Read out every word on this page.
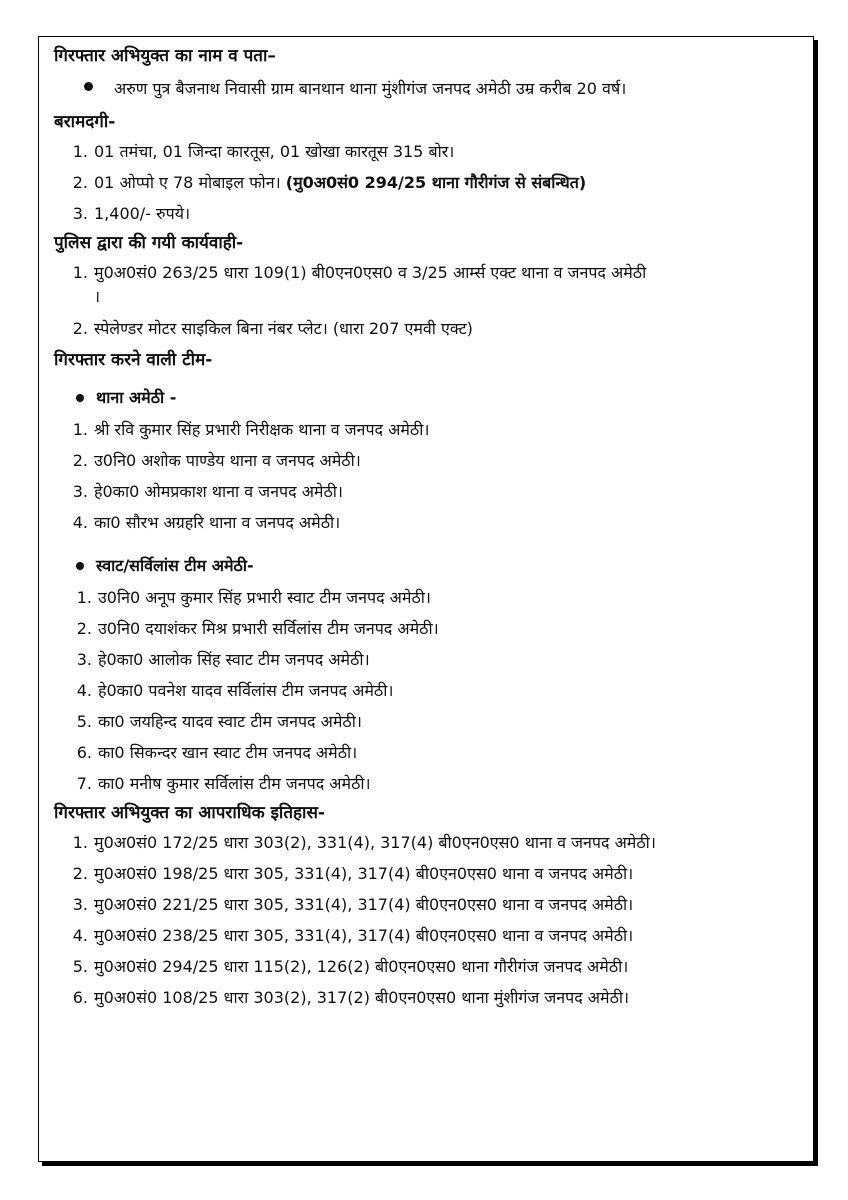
गिरफ्तार अभियुक्त का नाम व पता–
अरुण पुत्र बैजनाथ निवासी ग्राम बानथान थाना मुंशीगंज जनपद अमेठी उम्र करीब 20 वर्ष।
बरामदगी-
1. 01 तमंचा, 01 जिन्दा कारतूस, 01 खोखा कारतूस 315 बोर।
2. 01 ओप्पो ए 78 मोबाइल फोन। (मु0अ0सं0 294/25 थाना गौरीगंज से संबन्धित)
3. 1,400/- रुपये।
पुलिस द्वारा की गयी कार्यवाही-
1. मु0अ0सं0 263/25 धारा 109(1) बी0एन0एस0 व 3/25 आर्म्स एक्ट थाना व जनपद अमेठी
।
2. स्पेलेण्डर मोटर साइकिल बिना नंबर प्लेट। (धारा 207 एमवी एक्ट)
गिरफ्तार करने वाली टीम-
थाना अमेठी -
1. श्री रवि कुमार सिंह प्रभारी निरीक्षक थाना व जनपद अमेठी।
2. उ0नि0 अशोक पाण्डेय थाना व जनपद अमेठी।
3. हे0का0 ओमप्रकाश थाना व जनपद अमेठी।
4. का0 सौरभ अग्रहरि थाना व जनपद अमेठी।
स्वाट/सर्विलांस टीम अमेठी-
1. उ0नि0 अनूप कुमार सिंह प्रभारी स्वाट टीम जनपद अमेठी।
2. उ0नि0 दयाशंकर मिश्र प्रभारी सर्विलांस टीम जनपद अमेठी।
3. हे0का0 आलोक सिंह स्वाट टीम जनपद अमेठी।
4. हे0का0 पवनेश यादव सर्विलांस टीम जनपद अमेठी।
5. का0 जयहिन्द यादव स्वाट टीम जनपद अमेठी।
6. का0 सिकन्दर खान स्वाट टीम जनपद अमेठी।
7. का0 मनीष कुमार सर्विलांस टीम जनपद अमेठी।
गिरफ्तार अभियुक्त का आपराधिक इतिहास-
1. मु0अ0सं0 172/25 धारा 303(2), 331(4), 317(4) बी0एन0एस0 थाना व जनपद अमेठी।
2. मु0अ0सं0 198/25 धारा 305, 331(4), 317(4) बी0एन0एस0 थाना व जनपद अमेठी।
3. मु0अ0सं0 221/25 धारा 305, 331(4), 317(4) बी0एन0एस0 थाना व जनपद अमेठी।
4. मु0अ0सं0 238/25 धारा 305, 331(4), 317(4) बी0एन0एस0 थाना व जनपद अमेठी।
5. मु0अ0सं0 294/25 धारा 115(2), 126(2) बी0एन0एस0 थाना गौरीगंज जनपद अमेठी।
6. मु0अ0सं0 108/25 धारा 303(2), 317(2) बी0एन0एस0 थाना मुंशीगंज जनपद अमेठी।
